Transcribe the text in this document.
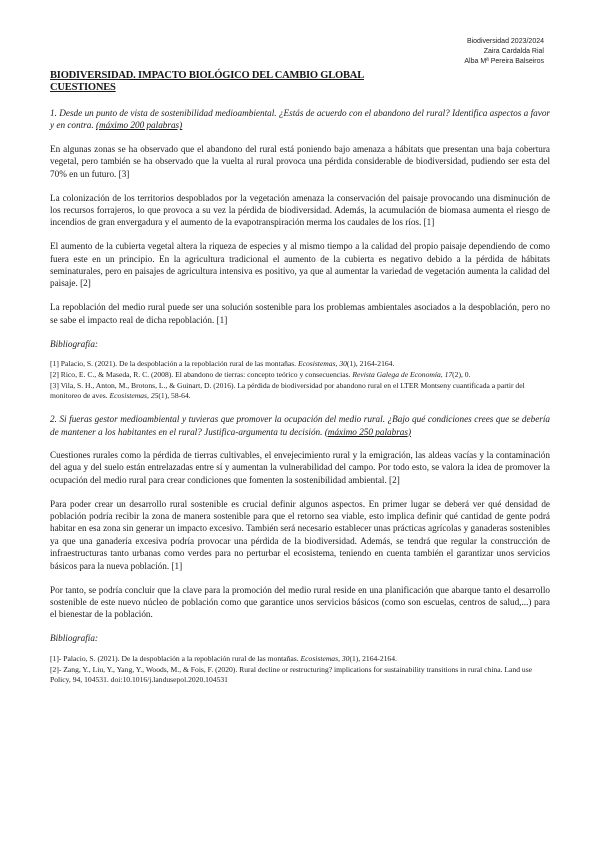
Biodiversidad 2023/2024
Zaira Cardalda Rial
Alba Mª Pereira Balseiros
BIODIVERSIDAD. IMPACTO BIOLÓGICO DEL CAMBIO GLOBAL
CUESTIONES
1. Desde un punto de vista de sostenibilidad medioambiental. ¿Estás de acuerdo con el abandono del rural? Identifica aspectos a favor y en contra. (máximo 200 palabras)

En algunas zonas se ha observado que el abandono del rural está poniendo bajo amenaza a hábitats que presentan una baja cobertura vegetal, pero también se ha observado que la vuelta al rural provoca una pérdida considerable de biodiversidad, pudiendo ser esta del 70% en un futuro. [3]

La colonización de los territorios despoblados por la vegetación amenaza la conservación del paisaje provocando una disminución de los recursos forrajeros, lo que provoca a su vez la pérdida de biodiversidad. Además, la acumulación de biomasa aumenta el riesgo de incendios de gran envergadura y el aumento de la evapotranspiración merma los caudales de los ríos. [1]

El aumento de la cubierta vegetal altera la riqueza de especies y al mismo tiempo a la calidad del propio paisaje dependiendo de como fuera este en un principio. En la agricultura tradicional el aumento de la cubierta es negativo debido a la pérdida de hábitats seminaturales, pero en paisajes de agricultura intensiva es positivo, ya que al aumentar la variedad de vegetación aumenta la calidad del paisaje. [2]

La repoblación del medio rural puede ser una solución sostenible para los problemas ambientales asociados a la despoblación, pero no se sabe el impacto real de dicha repoblación. [1]

Bibliografía:
[1] Palacio, S. (2021). De la despoblación a la repoblación rural de las montañas. Ecosistemas, 30(1), 2164-2164.
[2] Rico, E. C., & Maseda, R. C. (2008). El abandono de tierras: concepto teórico y consecuencias. Revista Galega de Economía, 17(2), 0.
[3] Vila, S. H., Anton, M., Brotons, L., & Guinart, D. (2016). La pérdida de biodiversidad por abandono rural en el LTER Montseny cuantificada a partir del monitoreo de aves. Ecosistemas, 25(1), 58-64.
2. Si fueras gestor medioambiental y tuvieras que promover la ocupación del medio rural. ¿Bajo qué condiciones crees que se debería de mantener a los habitantes en el rural? Justifica-argumenta tu decisión. (máximo 250 palabras)

Cuestiones rurales como la pérdida de tierras cultivables, el envejecimiento rural y la emigración, las aldeas vacías y la contaminación del agua y del suelo están entrelazadas entre sí y aumentan la vulnerabilidad del campo. Por todo esto, se valora la idea de promover la ocupación del medio rural para crear condiciones que fomenten la sostenibilidad ambiental. [2]

Para poder crear un desarrollo rural sostenible es crucial definir algunos aspectos. En primer lugar se deberá ver qué densidad de población podría recibir la zona de manera sostenible para que el retorno sea viable, esto implica definir qué cantidad de gente podrá habitar en esa zona sin generar un impacto excesivo. También será necesario establecer unas prácticas agrícolas y ganaderas sostenibles ya que una ganadería excesiva podría provocar una pérdida de la biodiversidad. Además, se tendrá que regular la construcción de infraestructuras tanto urbanas como verdes para no perturbar el ecosistema, teniendo en cuenta también el garantizar unos servicios básicos para la nueva población. [1]

Por tanto, se podría concluir que la clave para la promoción del medio rural reside en una planificación que abarque tanto el desarrollo sostenible de este nuevo núcleo de población como que garantice unos servicios básicos (como son escuelas, centros de salud,...) para el bienestar de la población.

Bibliografía:
[1]- Palacio, S. (2021). De la despoblación a la repoblación rural de las montañas. Ecosistemas, 30(1), 2164-2164.
[2]- Zang, Y., Liu, Y., Yang, Y., Woods, M., & Fois, F. (2020). Rural decline or restructuring? implications for sustainability transitions in rural china. Land use Policy, 94, 104531. doi:10.1016/j.landusepol.2020.104531
